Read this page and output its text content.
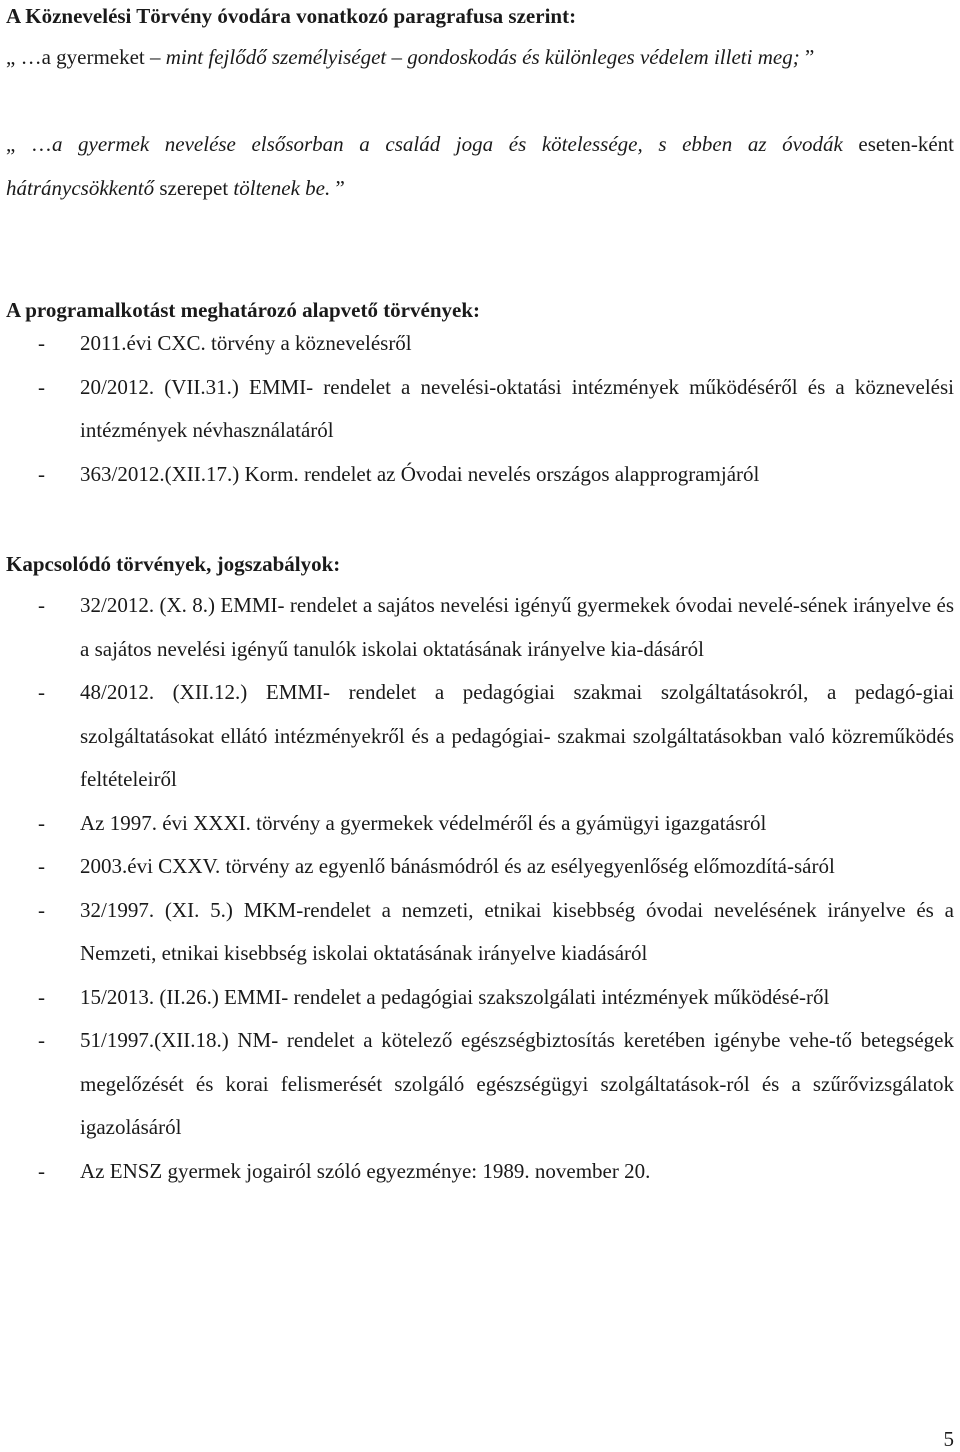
A Köznevelési Törvény óvodára vonatkozó paragrafusa szerint:

„ …a gyermeket – mint fejlődő személyiséget – gondoskodás és különleges védelem illeti meg; ”

„ …a gyermek nevelése elsősorban a család joga és kötelessége, s ebben az óvodák eseten-ként hátránycsökkentő szerepet töltenek be. ”

A programalkotást meghatározó alapvető törvények:
- 2011.évi CXC. törvény a köznevelésről
- 20/2012. (VII.31.) EMMI- rendelet a nevelési-oktatási intézmények működéséről és a köznevelési intézmények névhasználatáról
- 363/2012.(XII.17.) Korm. rendelet az Óvodai nevelés országos alapprogramjáról
Kapcsolódó törvények, jogszabályok:
- 32/2012. (X. 8.) EMMI- rendelet a sajátos nevelési igényű gyermekek óvodai nevelé-sének irányelve és a sajátos nevelési igényű tanulók iskolai oktatásának irányelve kia-dásáról
- 48/2012. (XII.12.) EMMI- rendelet a pedagógiai szakmai szolgáltatásokról, a pedagó-giai szolgáltatásokat ellátó intézményekről és a pedagógiai- szakmai szolgáltatásokban való közreműködés feltételeiről
- Az 1997. évi XXXI. törvény a gyermekek védelméről és a gyámügyi igazgatásról
- 2003.évi CXXV. törvény az egyenlő bánásmódról és az esélyegyenlőség előmozdítá-sáról
- 32/1997. (XI. 5.) MKM-rendelet a nemzeti, etnikai kisebbség óvodai nevelésének irányelve és a Nemzeti, etnikai kisebbség iskolai oktatásának irányelve kiadásáról
- 15/2013. (II.26.) EMMI- rendelet a pedagógiai szakszolgálati intézmények működésé-ről
- 51/1997.(XII.18.) NM- rendelet a kötelező egészségbiztosítás keretében igénybe vehe-tő betegségek megelőzését és korai felismerését szolgáló egészségügyi szolgáltatások-ról és a szűrővizsgálatok igazolásáról
- Az ENSZ gyermek jogairól szóló egyezménye: 1989. november 20.
5
